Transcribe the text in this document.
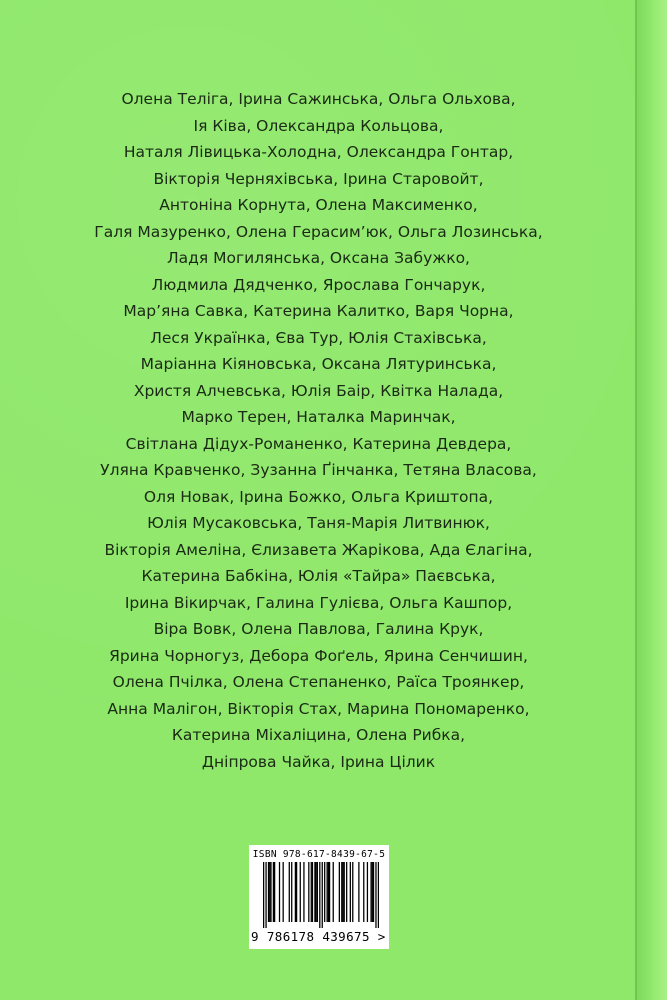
Олена Теліга, Ірина Сажинська, Ольга Ольхова,
Ія Ківа, Олександра Кольцова,
Наталя Лівицька-Холодна, Олександра Гонтар,
Вікторія Черняхівська, Ірина Старовойт,
Антоніна Корнута, Олена Максименко,
Галя Мазуренко, Олена Герасим’юк, Ольга Лозинська,
Ладя Могилянська, Оксана Забужко,
Людмила Дядченко, Ярослава Гончарук,
Мар’яна Савка, Катерина Калитко, Варя Чорна,
Леся Українка, Єва Тур, Юлія Стахівська,
Маріанна Кіяновська, Оксана Лятуринська,
Христя Алчевська, Юлія Баір, Квітка Налада,
Марко Терен, Наталка Маринчак,
Світлана Дідух-Романенко, Катерина Девдера,
Уляна Кравченко, Зузанна Ґінчанка, Тетяна Власова,
Оля Новак, Ірина Божко, Ольга Криштопа,
Юлія Мусаковська, Таня-Марія Литвинюк,
Вікторія Амеліна, Єлизавета Жарікова, Ада Єлагіна,
Катерина Бабкіна, Юлія «Тайра» Паєвська,
Ірина Вікирчак, Галина Гулієва, Ольга Кашпор,
Віра Вовк, Олена Павлова, Галина Крук,
Ярина Чорногуз, Дебора Фоґель, Ярина Сенчишин,
Олена Пчілка, Олена Степаненко, Раїса Троянкер,
Анна Малігон, Вікторія Стах, Марина Пономаренко,
Катерина Міхаліцина, Олена Рибка,
Дніпрова Чайка, Ірина Цілик
ISBN 978-617-8439-67-5
9 786178 439675 >
